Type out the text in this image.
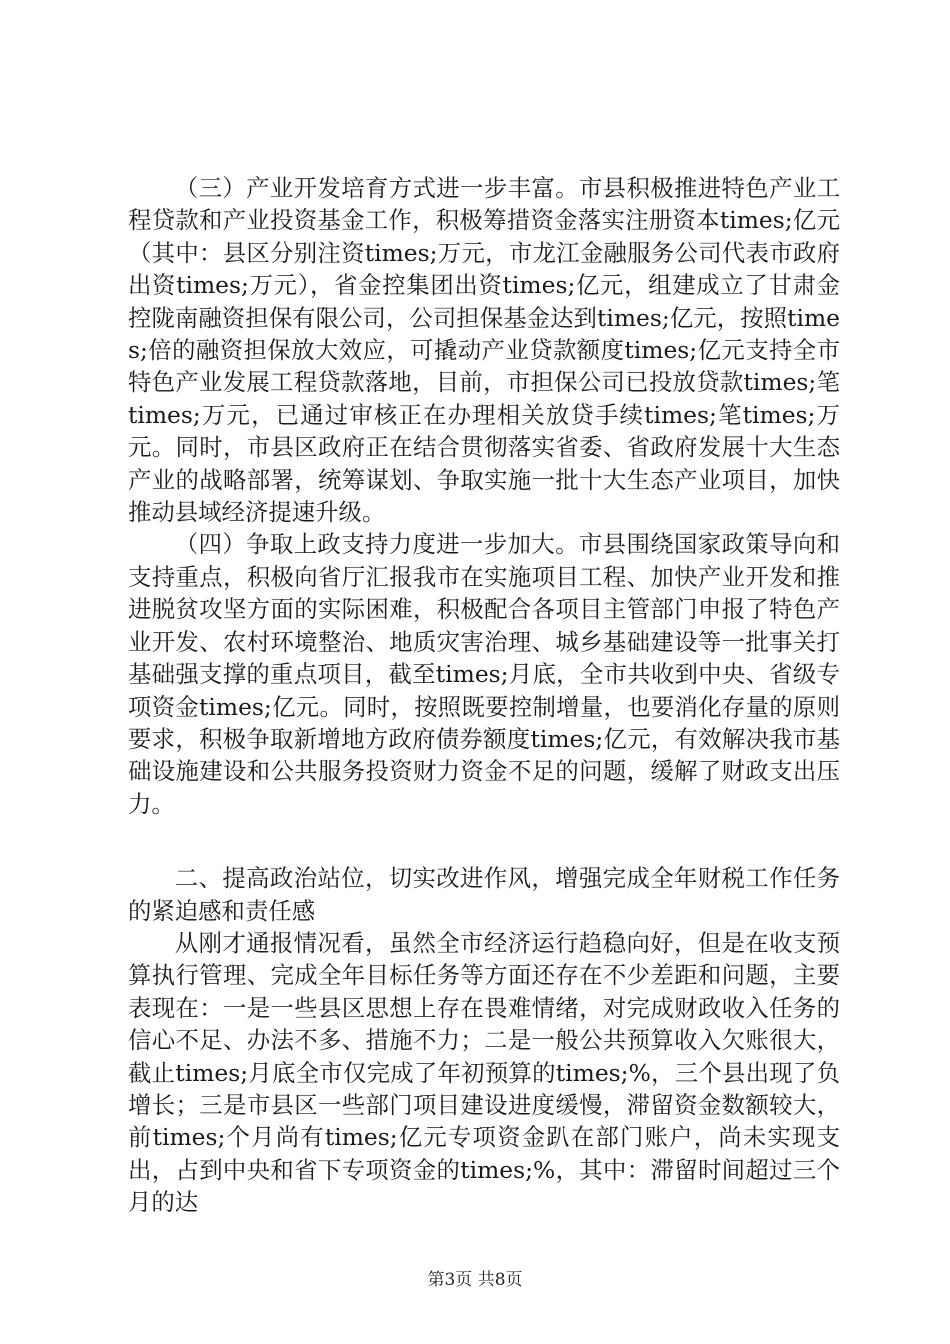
（三）产业开发培育方式进一步丰富。市县积极推进特色产业工程贷款和产业投资基金工作，积极筹措资金落实注册资本times;亿元（其中：县区分别注资times;万元，市龙江金融服务公司代表市政府出资times;万元），省金控集团出资times;亿元，组建成立了甘肃金控陇南融资担保有限公司，公司担保基金达到times;亿元，按照times;倍的融资担保放大效应，可撬动产业贷款额度times;亿元支持全市特色产业发展工程贷款落地，目前，市担保公司已投放贷款times;笔times;万元，已通过审核正在办理相关放贷手续times;笔times;万元。同时，市县区政府正在结合贯彻落实省委、省政府发展十大生态产业的战略部署，统筹谋划、争取实施一批十大生态产业项目，加快推动县域经济提速升级。

（四）争取上政支持力度进一步加大。市县围绕国家政策导向和支持重点，积极向省厅汇报我市在实施项目工程、加快产业开发和推进脱贫攻坚方面的实际困难，积极配合各项目主管部门申报了特色产业开发、农村环境整治、地质灾害治理、城乡基础建设等一批事关打基础强支撑的重点项目，截至times;月底，全市共收到中央、省级专项资金times;亿元。同时，按照既要控制增量，也要消化存量的原则要求，积极争取新增地方政府债券额度times;亿元，有效解决我市基础设施建设和公共服务投资财力资金不足的问题，缓解了财政支出压力。

二、提高政治站位，切实改进作风，增强完成全年财税工作任务的紧迫感和责任感

从刚才通报情况看，虽然全市经济运行趋稳向好，但是在收支预算执行管理、完成全年目标任务等方面还存在不少差距和问题，主要表现在：一是一些县区思想上存在畏难情绪，对完成财政收入任务的信心不足、办法不多、措施不力；二是一般公共预算收入欠账很大，截止times;月底全市仅完成了年初预算的times;%，三个县出现了负增长；三是市县区一些部门项目建设进度缓慢，滞留资金数额较大，前times;个月尚有times;亿元专项资金趴在部门账户，尚未实现支出，占到中央和省下专项资金的times;%，其中：滞留时间超过三个月的达

第3页 共8页
